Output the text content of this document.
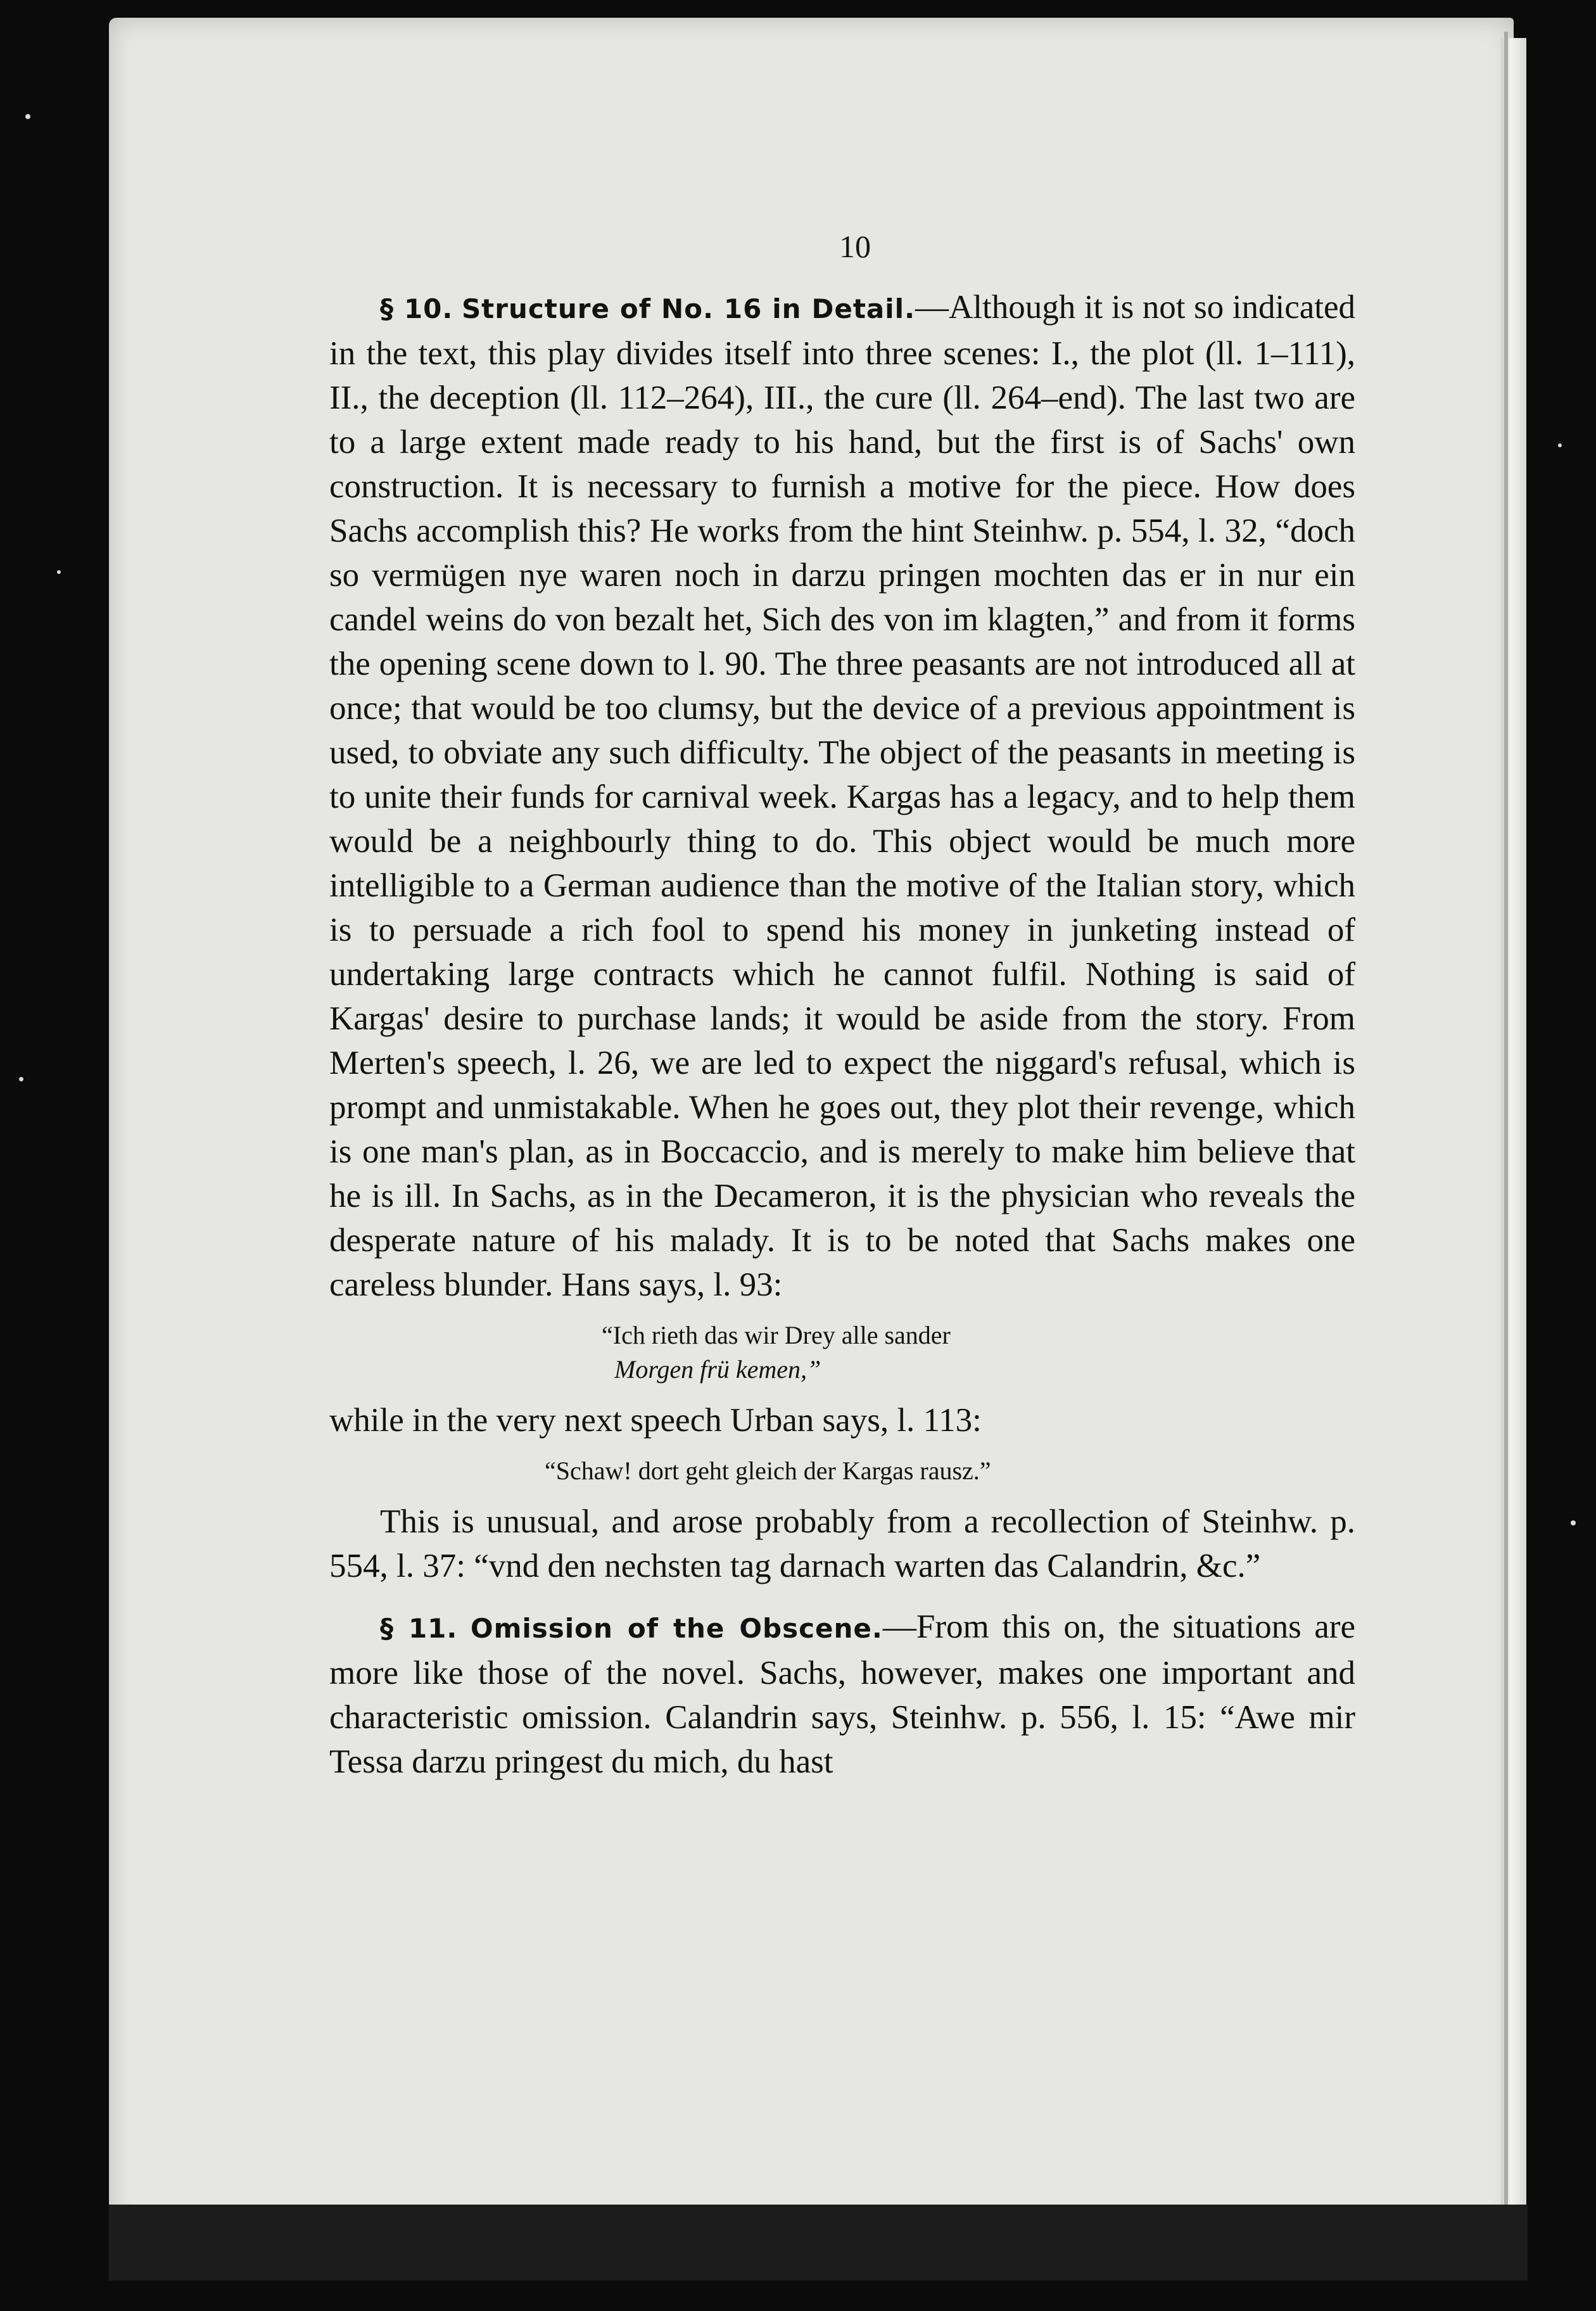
10

§ 10. Structure of No. 16 in Detail.—Although it is not so indicated in the text, this play divides itself into three scenes: I., the plot (ll. 1–111), II., the deception (ll. 112–264), III., the cure (ll. 264–end). The last two are to a large extent made ready to his hand, but the first is of Sachs' own construction. It is necessary to furnish a motive for the piece. How does Sachs accomplish this? He works from the hint Steinhw. p. 554, l. 32, “doch so vermügen nye waren noch in darzu pringen mochten das er in nur ein candel weins do von bezalt het, Sich des von im klagten,” and from it forms the opening scene down to l. 90. The three peasants are not introduced all at once; that would be too clumsy, but the device of a previous appointment is used, to obviate any such difficulty. The object of the peasants in meeting is to unite their funds for carnival week. Kargas has a legacy, and to help them would be a neighbourly thing to do. This object would be much more intelligible to a German audience than the motive of the Italian story, which is to persuade a rich fool to spend his money in junketing instead of undertaking large contracts which he cannot fulfil. Nothing is said of Kargas' desire to purchase lands; it would be aside from the story. From Merten's speech, l. 26, we are led to expect the niggard's refusal, which is prompt and unmistakable. When he goes out, they plot their revenge, which is one man's plan, as in Boccaccio, and is merely to make him believe that he is ill. In Sachs, as in the Decameron, it is the physician who reveals the desperate nature of his malady. It is to be noted that Sachs makes one careless blunder. Hans says, l. 93:

“Ich rieth das wir Drey alle sander
Morgen frü kemen,”

while in the very next speech Urban says, l. 113:

“Schaw! dort geht gleich der Kargas rausz.”

This is unusual, and arose probably from a recollection of Steinhw. p. 554, l. 37: “vnd den nechsten tag darnach warten das Calandrin, &c.”

§ 11. Omission of the Obscene.—From this on, the situations are more like those of the novel. Sachs, however, makes one important and characteristic omission. Calandrin says, Steinhw. p. 556, l. 15: “Awe mir Tessa darzu pringest du mich, du hast
